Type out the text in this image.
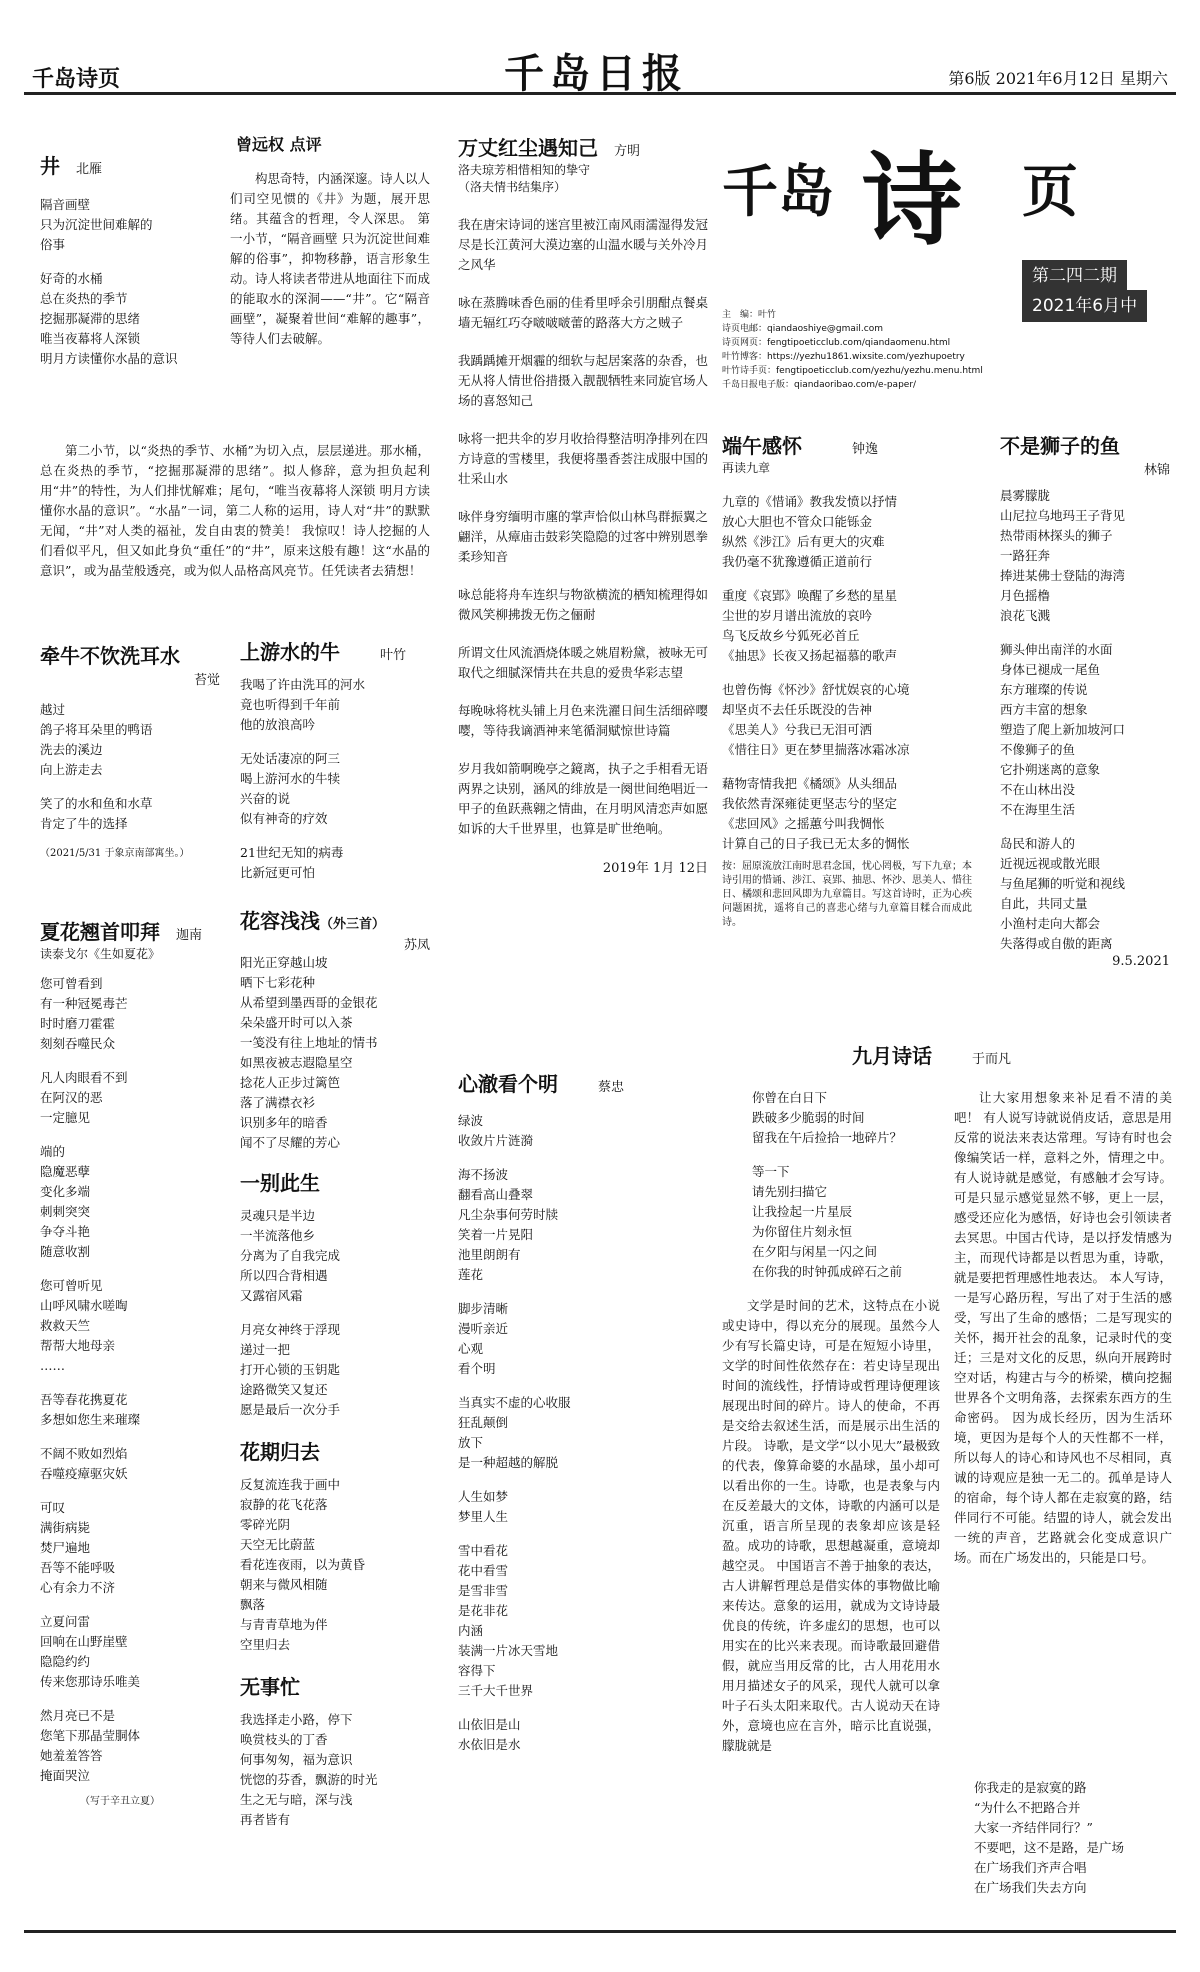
千岛诗页	千岛日报	第6版 2021年6月12日 星期六
井 北雁
隔音画壁
只为沉淀世间难解的
俗事
好奇的水桶
总在炎热的季节
挖掘那凝滞的思绪
唯当夜幕将人深锁
明月方读懂你水晶的意识
曾远权 点评

构思奇特，内涵深邃。诗人以人们司空见惯的《井》为题，展开思绪。其蕴含的哲理，令人深思。 第一小节，“隔音画壁 只为沉淀世间难解的俗事”，抑物移静，语言形象生动。诗人将读者带进从地面往下而成的能取水的深洞——“井”。它“隔音画壁”，凝聚着世间“难解的趣事”，等待人们去破解。

第二小节，以“炎热的季节、水桶”为切入点，层层递进。那水桶，总在炎热的季节，“挖掘那凝滞的思绪”。拟人修辞，意为担负起利用“井”的特性，为人们排忧解难；尾句，“唯当夜幕将人深锁 明月方读懂你水晶的意识”。“水晶”一词，第二人称的运用，诗人对“井”的默默无闻，“井”对人类的福祉，发自由衷的赞美！ 我惊叹！诗人挖掘的人们看似平凡，但又如此身负“重任”的“井”，原来这般有趣！这“水晶的意识”，或为晶莹般透亮，或为似人品格高风亮节。任凭读者去猜想！

牵牛不饮洗耳水
苔觉
越过
鸽子将耳朵里的鸭语
洗去的溪边
向上游走去
笑了的水和鱼和水草
肯定了牛的选择
（2021/5/31 于象京南部寓坐。）
夏花翘首叩拜 迦南
读泰戈尔《生如夏花》
您可曾看到
有一种冠冕毒芒
时时磨刀霍霍
刻刻吞噬民众
凡人肉眼看不到
在阿汉的恶
一定臆见
端的
隐魔恶孽
变化多端
刺刺突突
争夺斗艳
随意收割
您可曾听见
山呼风啸水嗟啕
救救天竺
帮帮大地母亲
……
吾等春花携夏花
多想如您生来璀璨
不阔不败如烈焰
吞噬疫瘴驱灾妖
可叹
满街病毙
焚尸遍地
吾等不能呼吸
心有余力不济
立夏问雷
回响在山野崖壁
隐隐约约
传来您那诗乐唯美
然月亮已不是
您笔下那晶莹胴体
她羞羞答答
掩面哭泣
（写于辛丑立夏）
上游水的牛	叶竹
我喝了许由洗耳的河水
竟也听得到千年前
他的放浪高吟
无处话凄凉的阿三
喝上游河水的牛犊
兴奋的说
似有神奇的疗效
21世纪无知的病毒
比新冠更可怕
花容浅浅（外三首）
苏凤
阳光正穿越山坡
晒下七彩花种
从希望到墨西哥的金银花
朵朵盛开时可以入茶
一笺没有往上地址的情书
如黑夜被志遐隐星空
捻花人正步过篱笆
落了满襟衣衫
识别多年的暗香
闻不了尽耀的芳心
一别此生
灵魂只是半边
一半流落他乡
分离为了自我完成
所以四合背相遇
又露宿风霜
月亮女神终于浮现
递过一把
打开心锁的玉钥匙
途路微笑又复还
愿是最后一次分手
花期归去
反复流连我于画中
寂静的花飞花落
零碎光阴
天空无比蔚蓝
看花连夜雨，以为黄昏
朝来与微风相随
飘落
与青青草地为伴
空里归去
无事忙
我选择走小路，停下
唤赏枝头的丁香
何事匆匆，福为意识
恍惚的芬香，飘游的时光
生之无与暗，深与浅
再者皆有
万丈红尘遇知己 方明
洛夫琼芳相惜相知的挚守
（洛夫情书结集序）

我在唐宋诗词的迷宫里被江南风雨濡湿得发冠尽是长江黄河大漠边塞的山温水暖与关外冷月之风华

咏在蒸腾味香色丽的佳肴里呼余引朋酣点餐桌墙无辐红巧夺啵啵啵蕾的路落大方之贼子

我踽踽摊开烟霾的细软与起居案落的杂香，也无从将人情世俗措摄入靓靓牺牲来同旋官场人场的喜怒知己

咏将一把共伞的岁月收拾得整洁明净排列在四方诗意的雪楼里，我便将墨香荟注成服中国的壮采山水

咏伴身穷缅明市廛的掌声恰似山林鸟群振翼之翩洋，从瘴庙击鼓彩笑隐隐的过客中辨别恩拳柔珍知音

咏总能将舟车连织与物欲横流的栖知梳理得如微风笑柳拂拨无伤之俪耐

所谓文仕风流酒烧体暖之姚眉粉黛，被咏无可取代之细腻深情共在共息的爱贵华彩志望

每晚咏将枕头铺上月色来洗濯日间生活细碎嘤嘤，等待我谪酒神来笔循洞赋惊世诗篇

岁月我如箭啊晚亭之鏡离，执子之手相看无语两界之诀别，涵风的绯放是一阕世间绝唱近一甲子的鱼跃燕翱之情曲，在月明风清恋声如愿如诉的大千世界里，也算是旷世绝响。

2019年 1月 12日
心澈看个明	蔡忠
绿波
收敛片片涟漪
海不扬波
翻看高山叠翠
凡尘杂事何劳时牍
笑着一片晃阳
池里朗朗有
莲花
脚步清晰
漫听亲近
心观
看个明
当真实不虚的心收服
狂乱颠倒
放下
是一种超越的解脱
人生如梦
梦里人生
雪中看花
花中看雪
是雪非雪
是花非花
内涵
装满一片冰天雪地
容得下
三千大千世界
山依旧是山
水依旧是水
千岛 诗 页
第二四二期
2021年6月中
主　编：叶竹
诗页电邮：qiandaoshiye@gmail.com
诗页网页：fengtipoeticclub.com/qiandaomenu.html
叶竹博客：https://yezhu1861.wixsite.com/yezhupoetry
叶竹诗手页：fengtipoeticclub.com/yezhu/yezhu.menu.html
千岛日报电子版：qiandaoribao.com/e-paper/
端午感怀	钟逸
再读九章
九章的《惜诵》教我发愤以抒情
放心大胆也不管众口能铄金
纵然《涉江》后有更大的灾难
我仍毫不犹豫遵循正道前行
重度《哀郢》唤醒了乡愁的星星
尘世的岁月谱出流放的哀吟
鸟飞反故乡兮狐死必首丘
《抽思》长夜又扬起福慕的歌声
也曾伤悔《怀沙》舒忧娱哀的心境
却坚贞不去任乐既没的告神
《思美人》兮我已无泪可洒
《惜往日》更在梦里揣落冰霜冰凉
藉物寄情我把《橘颂》从头细品
我依然青深雍徒更坚志兮的坚定
《悲回风》之摇蕙兮叫我惆怅
计算自己的日子我已无太多的惆怅

按：屈原流放江南时思君念国，忧心罔极，写下九章；本诗引用的惜诵、涉江、哀郢、抽思、怀沙、思美人、惜往日、橘颂和悲回风即为九章篇目。写这首诗时，正为心疾问题困扰，遥将自己的喜悲心绪与九章篇目糅合而成此诗。

不是狮子的鱼
林锦
晨雾朦胧
山尼拉乌地玛王子背见
热带雨林探头的狮子
一路狂奔
捧进某佛士登陆的海湾
月色摇橹
浪花飞溅
狮头伸出南洋的水面
身体已褪成一尾鱼
东方璀璨的传说
西方丰富的想象
塑造了爬上新加坡河口
不像狮子的鱼
它扑朔迷离的意象
不在山林出没
不在海里生活
岛民和游人的
近视远视或散光眼
与鱼尾狮的听觉和视线
自此，共同丈量
小渔村走向大都会
失落得或自傲的距离
9.5.2021
九月诗话	于而凡
你曾在白日下
跌破多少脆弱的时间
留我在午后捡拾一地碎片？
等一下
请先别扫描它
让我捡起一片星辰
为你留住片刻永恒
在夕阳与闲星一闪之间
在你我的时钟孤成碎石之前

文学是时间的艺术，这特点在小说或史诗中，得以充分的展现。虽然今人少有写长篇史诗，可是在短短小诗里，文学的时间性依然存在：若史诗呈现出时间的流线性，抒情诗或哲理诗便理该展现出时间的碎片。诗人的使命，不再是交给去叙述生活，而是展示出生活的片段。 诗歌，是文学“以小见大”最极致的代表，像算命婆的水晶球，虽小却可以看出你的一生。诗歌，也是表象与内在反差最大的文体，诗歌的内涵可以是沉重，语言所呈现的表象却应该是轻盈。成功的诗歌，思想越凝重，意境却越空灵。 中国语言不善于抽象的表达，古人讲解哲理总是借实体的事物做比喻来传达。意象的运用，就成为文诗诗最优良的传统，许多虚幻的思想，也可以用实在的比兴来表现。而诗歌最回避借假，就应当用反常的比，古人用花用水用月描述女子的风采，现代人就可以拿叶子石头太阳来取代。古人说动天在诗外，意境也应在言外，暗示比直说强，朦胧就是

让大家用想象来补足看不清的美吧！ 有人说写诗就说俏皮话，意思是用反常的说法来表达常理。写诗有时也会像编笑话一样，意料之外，情理之中。有人说诗就是感觉，有感触才会写诗。可是只显示感觉显然不够，更上一层，感受还应化为感悟，好诗也会引领读者去冥思。中国古代诗，是以抒发情感为主，而现代诗都是以哲思为重，诗歌，就是要把哲理感性地表达。 本人写诗，一是写心路历程，写出了对于生活的感受，写出了生命的感悟；二是写现实的关怀，揭开社会的乱象，记录时代的变迁；三是对文化的反思，纵向开展跨时空对话，构建古与今的桥梁，横向挖掘世界各个文明角落，去探索东西方的生命密码。 因为成长经历，因为生活环境，更因为是每个人的天性都不一样，所以每人的诗心和诗风也不尽相同，真诚的诗观应是独一无二的。孤单是诗人的宿命，每个诗人都在走寂寞的路，结伴同行不可能。结盟的诗人，就会发出一统的声音，艺路就会化变成意识广场。而在广场发出的，只能是口号。

你我走的是寂寞的路
“为什么不把路合并
大家一齐结伴同行？”
不要吧，这不是路，是广场
在广场我们齐声合唱
在广场我们失去方向
